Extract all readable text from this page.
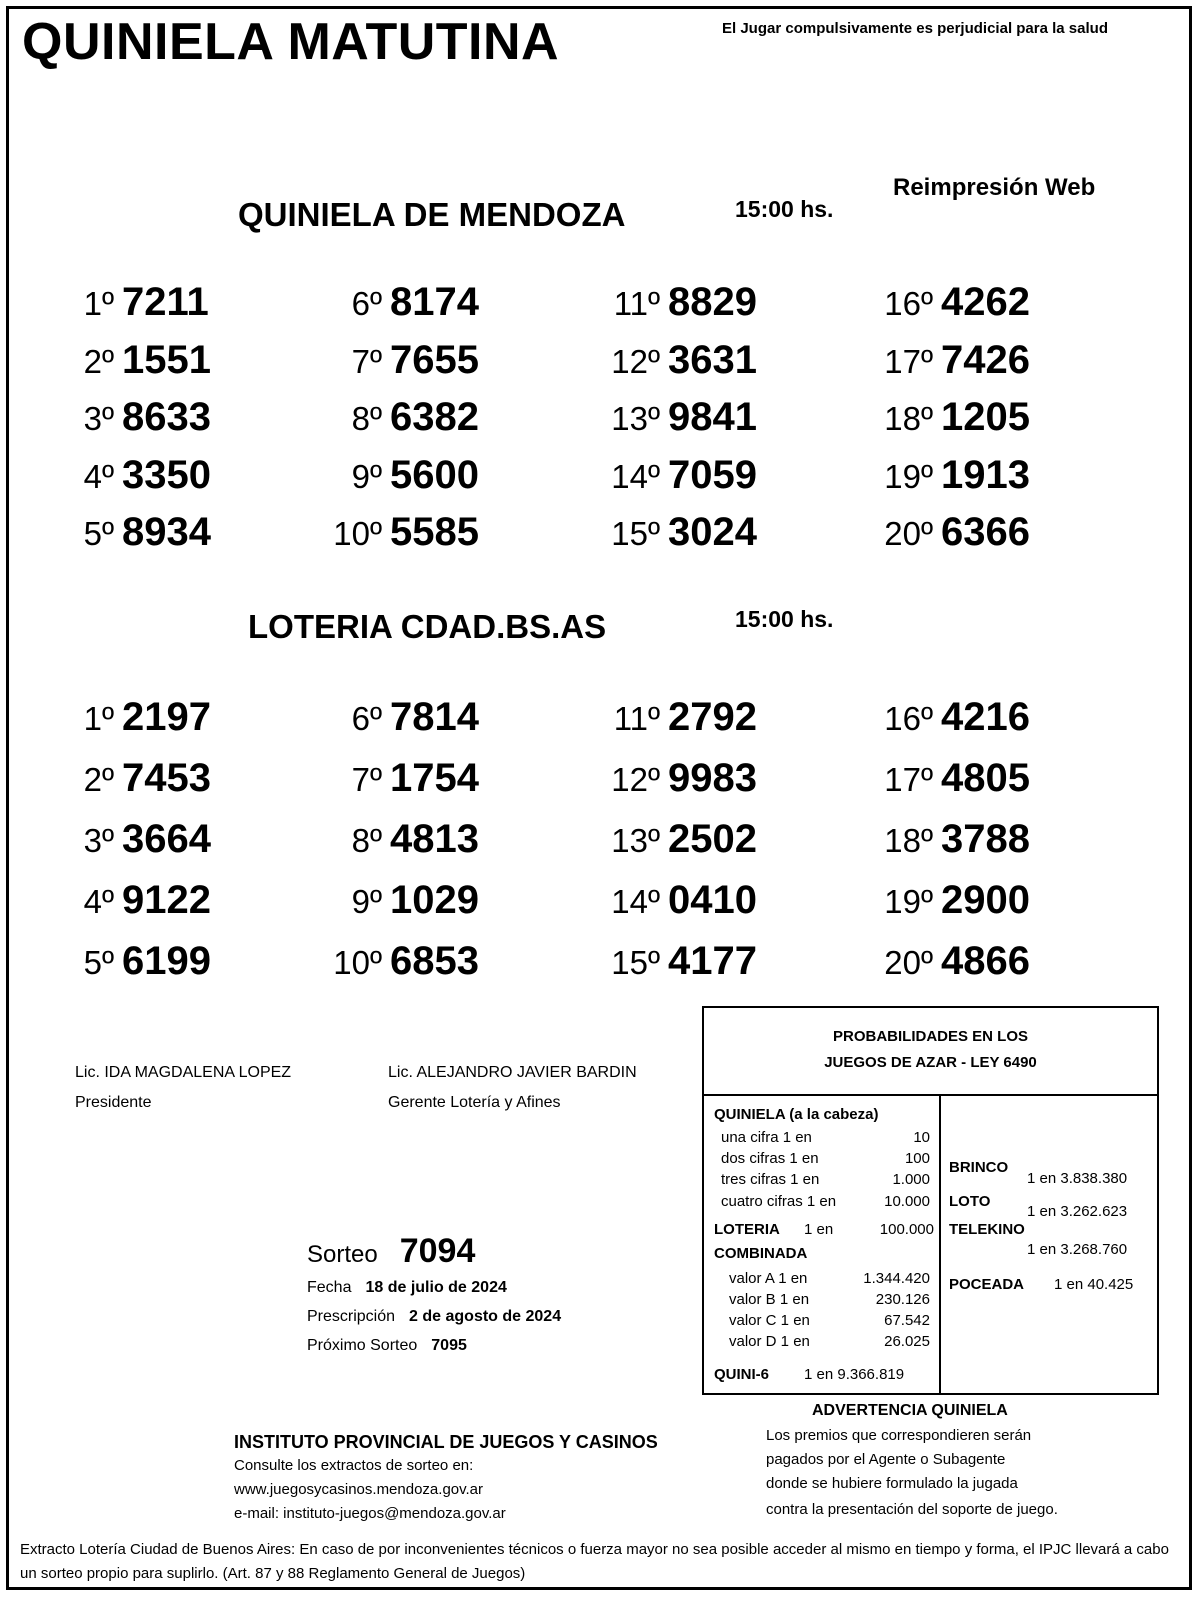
QUINIELA MATUTINA	El Jugar compulsivamente es perjudicial para la salud
Reimpresión Web
QUINIELA DE MENDOZA	15:00 hs.
1º 7211
2º 1551
3º 8633
4º 3350
5º 8934
6º 8174
7º 7655
8º 6382
9º 5600
10º 5585
11º 8829
12º 3631
13º 9841
14º 7059
15º 3024
16º 4262
17º 7426
18º 1205
19º 1913
20º 6366
LOTERIA CDAD.BS.AS	15:00 hs.
1º 2197
2º 7453
3º 3664
4º 9122
5º 6199
6º 7814
7º 1754
8º 4813
9º 1029
10º 6853
11º 2792
12º 9983
13º 2502
14º 0410
15º 4177
16º 4216
17º 4805
18º 3788
19º 2900
20º 4866
Lic. IDA MAGDALENA LOPEZ
Presidente
Lic. ALEJANDRO JAVIER BARDIN
Gerente Lotería y Afines
Sorteo 7094
Fecha 18 de julio de 2024
Prescripción 2 de agosto de 2024
Próximo Sorteo 7095
PROBABILIDADES EN LOS
JUEGOS DE AZAR - LEY 6490
QUINIELA (a la cabeza)
una cifra 1 en	10
dos cifras 1 en	100
tres cifras 1 en	1.000
cuatro cifras 1 en	10.000
LOTERIA 1 en	100.000
COMBINADA
valor A 1 en	1.344.420
valor B 1 en	230.126
valor C 1 en	67.542
valor D 1 en	26.025
QUINI-6 1 en 9.366.819
BRINCO
1 en 3.838.380
LOTO
1 en 3.262.623
TELEKINO
1 en 3.268.760
POCEADA 1 en 40.425
ADVERTENCIA QUINIELA
Los premios que correspondieren serán
pagados por el Agente o Subagente
donde se hubiere formulado la jugada
contra la presentación del soporte de juego.
INSTITUTO PROVINCIAL DE JUEGOS Y CASINOS
Consulte los extractos de sorteo en:
www.juegosycasinos.mendoza.gov.ar
e-mail: instituto-juegos@mendoza.gov.ar
Extracto Lotería Ciudad de Buenos Aires: En caso de por inconvenientes técnicos o fuerza mayor no sea posible acceder al mismo en tiempo y forma, el IPJC llevará a cabo un sorteo propio para suplirlo. (Art. 87 y 88 Reglamento General de Juegos)
